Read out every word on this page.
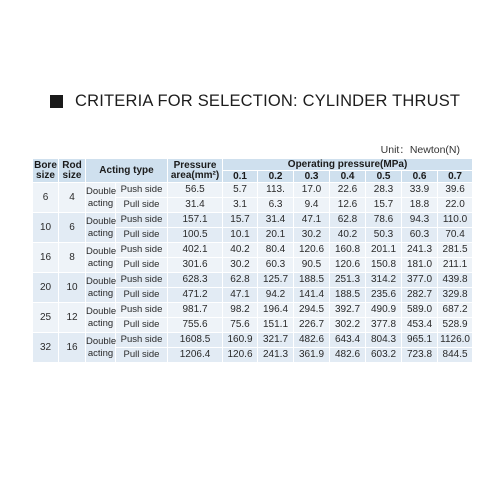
CRITERIA FOR SELECTION: CYLINDER THRUST
Unit：Newton(N)
Bore size	Rod size	Acting type		Pressure area(mm²)	Operating pressure(MPa)						
					0.1	0.2	0.3	0.4	0.5	0.6	0.7
6	4	Double acting	Push side	56.5	5.7	113.	17.0	22.6	28.3	33.9	39.6
			Pull side	31.4	3.1	6.3	9.4	12.6	15.7	18.8	22.0
10	6	Double acting	Push side	157.1	15.7	31.4	47.1	62.8	78.6	94.3	110.0
			Pull side	100.5	10.1	20.1	30.2	40.2	50.3	60.3	70.4
16	8	Double acting	Push side	402.1	40.2	80.4	120.6	160.8	201.1	241.3	281.5
			Pull side	301.6	30.2	60.3	90.5	120.6	150.8	181.0	211.1
20	10	Double acting	Push side	628.3	62.8	125.7	188.5	251.3	314.2	377.0	439.8
			Pull side	471.2	47.1	94.2	141.4	188.5	235.6	282.7	329.8
25	12	Double acting	Push side	981.7	98.2	196.4	294.5	392.7	490.9	589.0	687.2
			Pull side	755.6	75.6	151.1	226.7	302.2	377.8	453.4	528.9
32	16	Double acting	Push side	1608.5	160.9	321.7	482.6	643.4	804.3	965.1	1126.0
			Pull side	1206.4	120.6	241.3	361.9	482.6	603.2	723.8	844.5
